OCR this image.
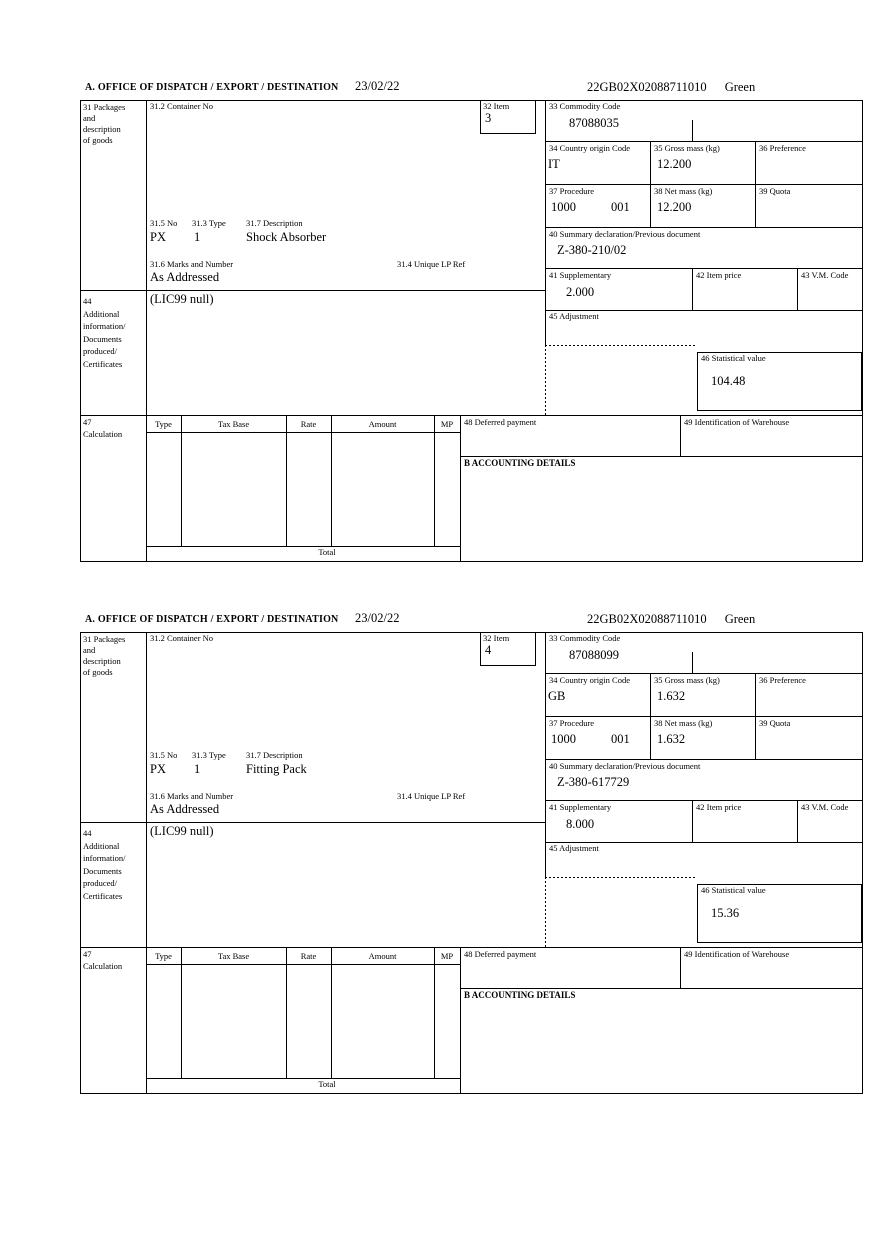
A. OFFICE OF DISPATCH / EXPORT / DESTINATION 23/02/22	22GB02X02088711010 Green
31 Packages
and
description
of goods
31.2 Container No	32 Item
3
31.5 No 31.3 Type 31.7 Description
PX 1	Shock Absorber
31.6 Marks and Number	31.4 Unique LP Ref
As Addressed
33 Commodity Code
87088035
34 Country origin Code
IT
35 Gross mass (kg)
12.200
36 Preference
37 Procedure
1000	001
38 Net mass (kg)
12.200
39 Quota
40 Summary declaration/Previous document
Z-380-210/02
41 Supplementary
2.000
42 Item price	43 V.M. Code
45 Adjustment
46 Statistical value
104.48
44
Additional
information/
Documents
produced/
Certificates
(LIC99 null)
47
Calculation
Type	Tax Base	Rate	Amount	MP
Total
48 Deferred payment	49 Identification of Warehouse
B ACCOUNTING DETAILS
A. OFFICE OF DISPATCH / EXPORT / DESTINATION 23/02/22	22GB02X02088711010 Green
31 Packages
and
description
of goods
31.2 Container No	32 Item
4
31.5 No 31.3 Type 31.7 Description
PX 1	Fitting Pack
31.6 Marks and Number	31.4 Unique LP Ref
As Addressed
33 Commodity Code
87088099
34 Country origin Code
GB
35 Gross mass (kg)
1.632
36 Preference
37 Procedure
1000	001
38 Net mass (kg)
1.632
39 Quota
40 Summary declaration/Previous document
Z-380-617729
41 Supplementary
8.000
42 Item price	43 V.M. Code
45 Adjustment
46 Statistical value
15.36
44
Additional
information/
Documents
produced/
Certificates
(LIC99 null)
47
Calculation
Type	Tax Base	Rate	Amount	MP
Total
48 Deferred payment	49 Identification of Warehouse
B ACCOUNTING DETAILS
